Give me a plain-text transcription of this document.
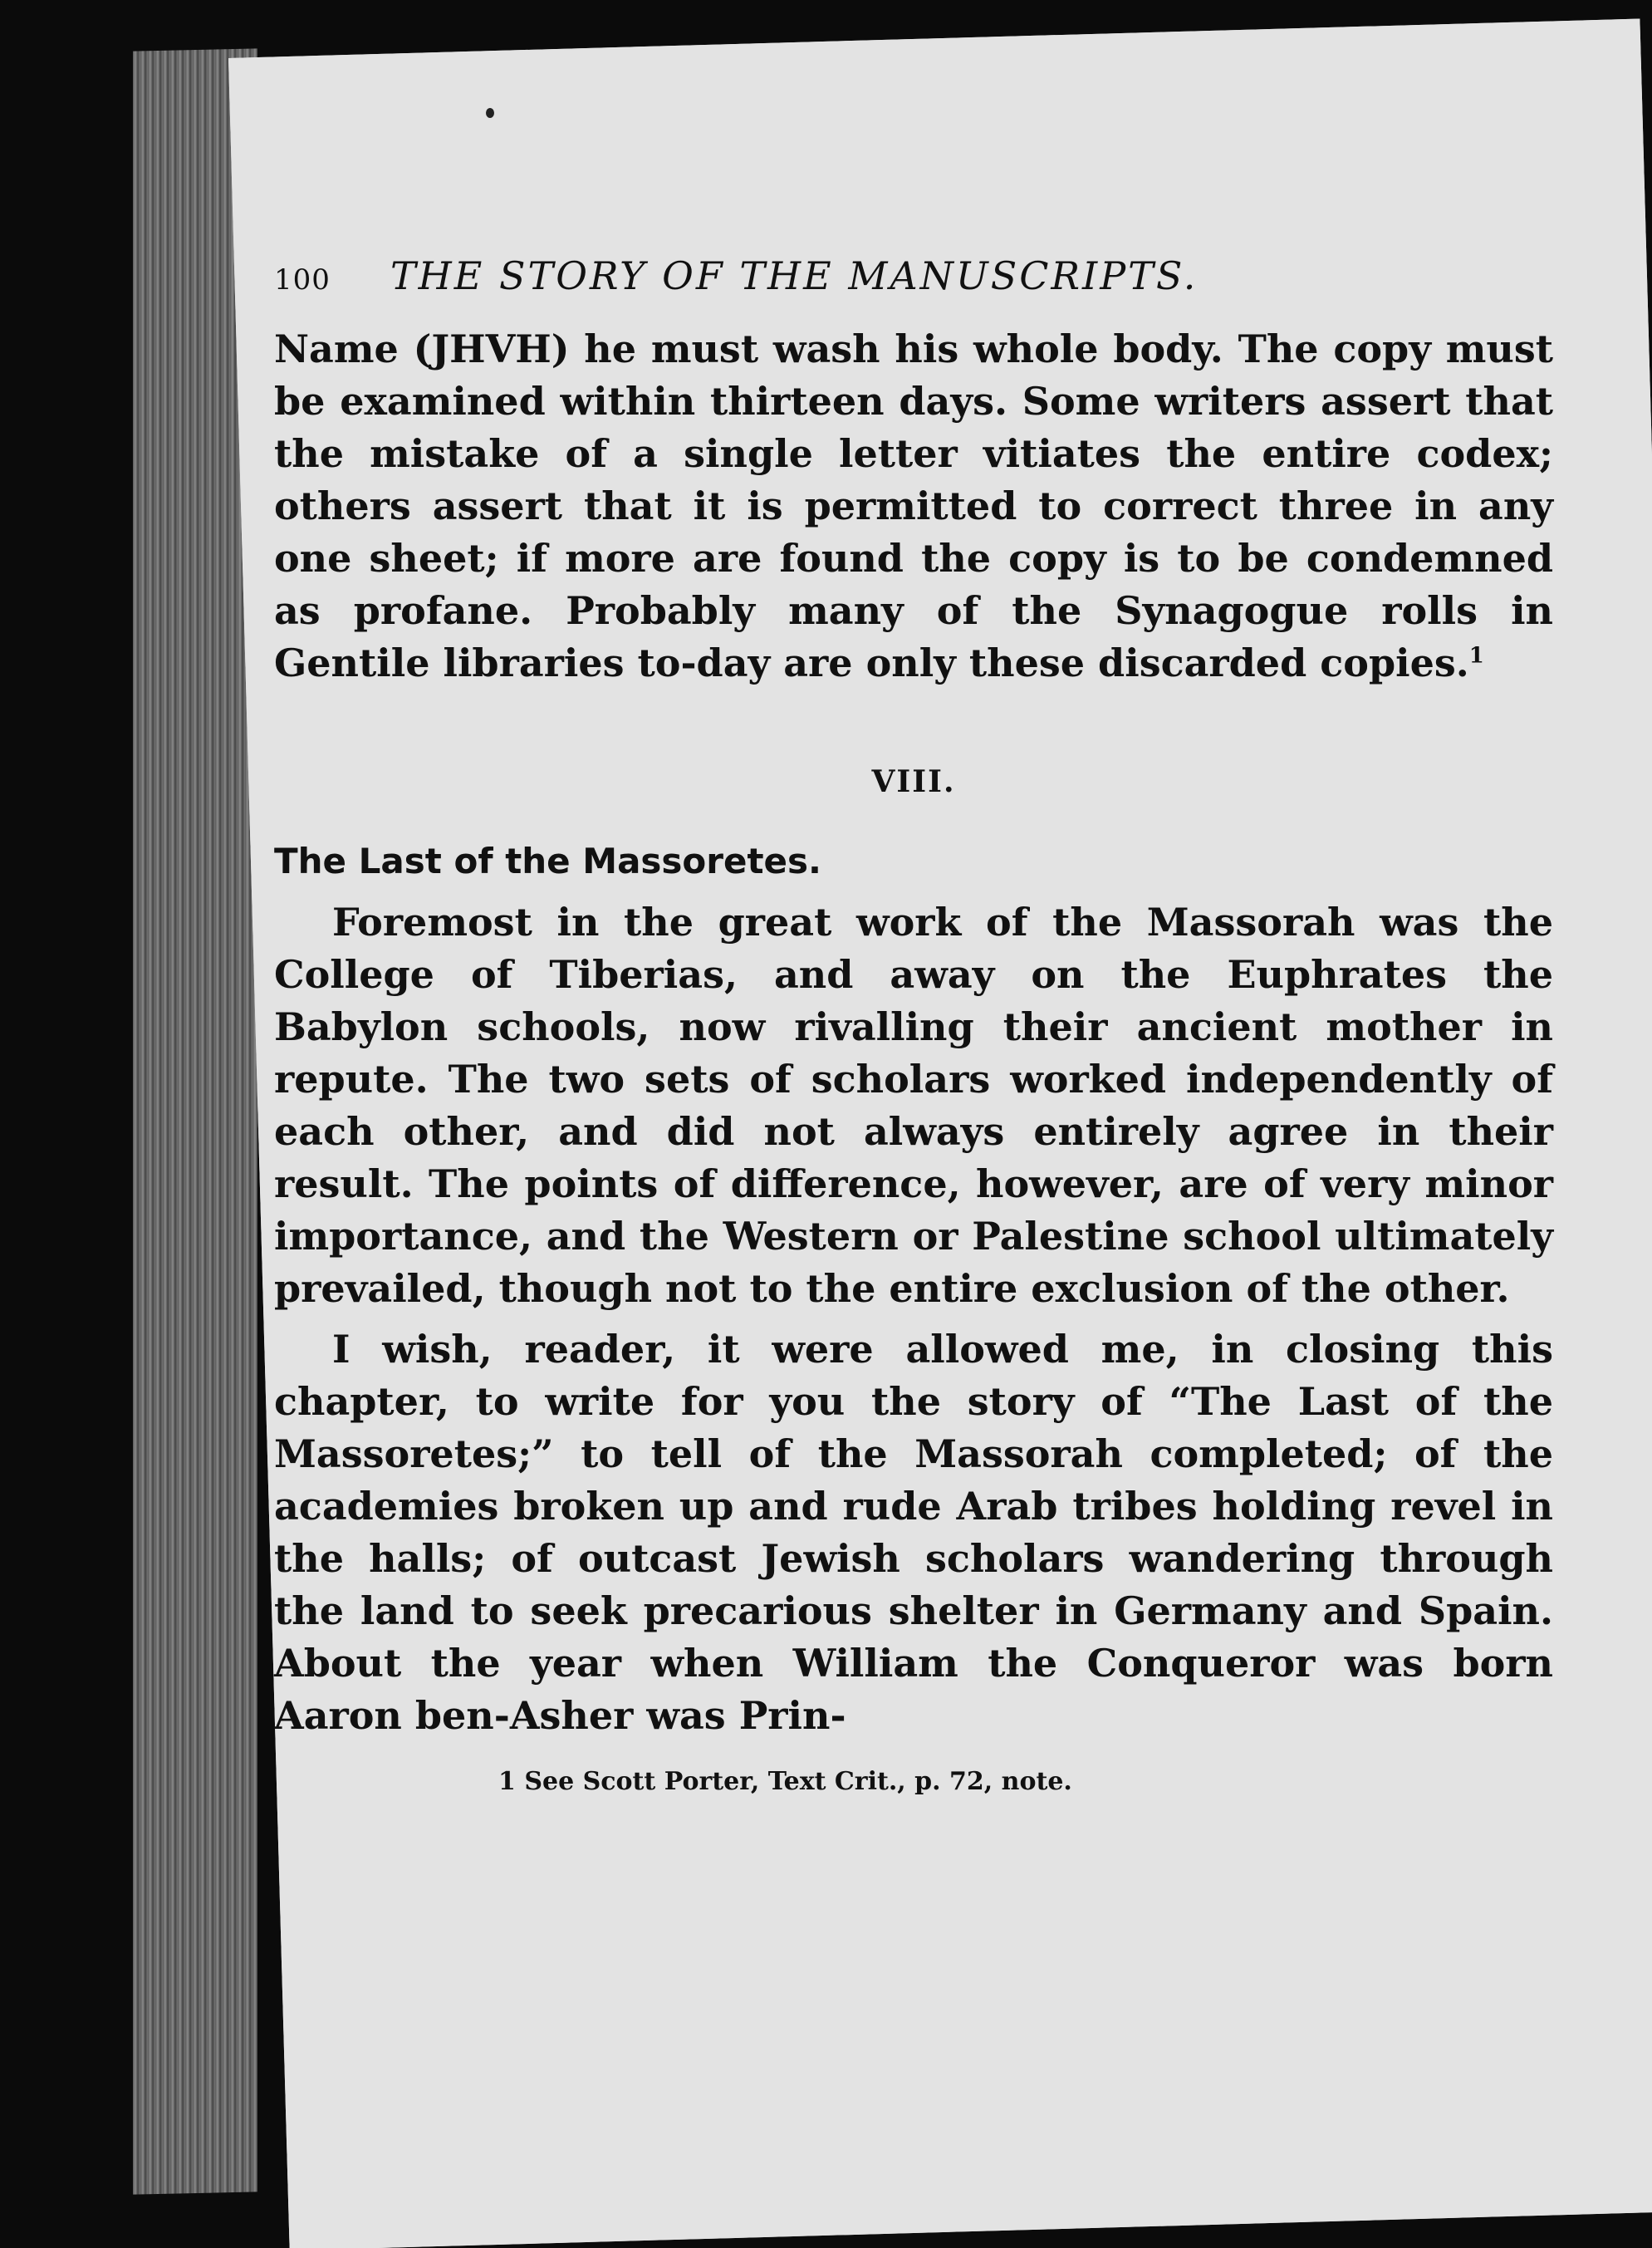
100	THE STORY OF THE MANUSCRIPTS.

Name (JHVH) he must wash his whole body. The copy must be examined within thirteen days. Some writers assert that the mistake of a single letter vitiates the entire codex; others assert that it is permitted to correct three in any one sheet; if more are found the copy is to be condemned as profane. Probably many of the Synagogue rolls in Gentile libraries to-day are only these discarded copies.$^1$

VIII.
The Last of the Massoretes.

Foremost in the great work of the Massorah was the College of Tiberias, and away on the Euphrates the Babylon schools, now rivalling their ancient mother in repute. The two sets of scholars worked independently of each other, and did not always entirely agree in their result. The points of difference, however, are of very minor importance, and the Western or Palestine school ultimately prevailed, though not to the entire exclusion of the other.

I wish, reader, it were allowed me, in closing this chapter, to write for you the story of “The Last of the Massoretes;” to tell of the Massorah completed; of the academies broken up and rude Arab tribes holding revel in the halls; of outcast Jewish scholars wandering through the land to seek precarious shelter in Germany and Spain. About the year when William the Conqueror was born Aaron ben-Asher was Prin-

1 See Scott Porter, Text Crit., p. 72, note.
